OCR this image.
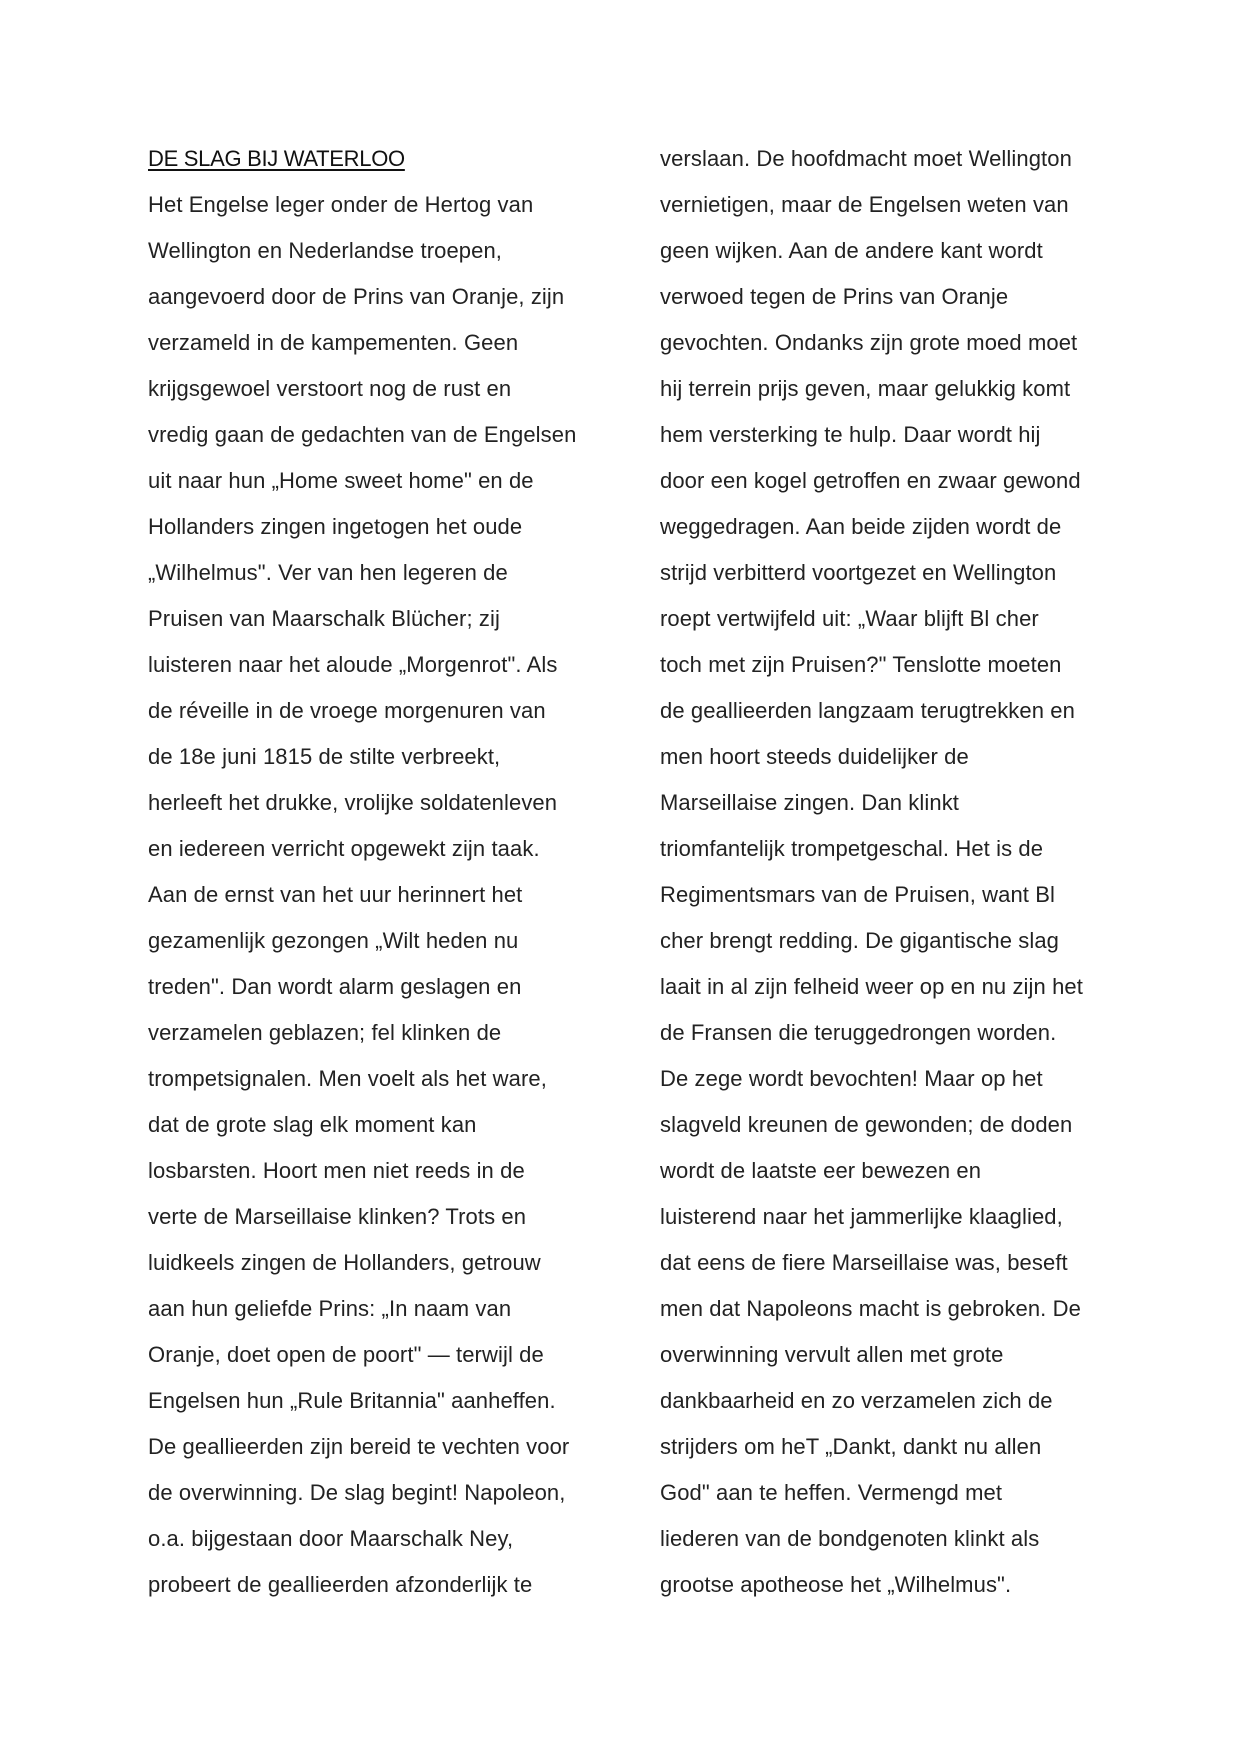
DE SLAG BIJ WATERLOO
Het Engelse leger onder de Hertog van
Wellington en Nederlandse troepen,
aangevoerd door de Prins van Oranje, zijn
verzameld in de kampementen. Geen
krijgsgewoel verstoort nog de rust en
vredig gaan de gedachten van de Engelsen
uit naar hun „Home sweet home" en de
Hollanders zingen ingetogen het oude
„Wilhelmus". Ver van hen legeren de
Pruisen van Maarschalk Blücher; zij
luisteren naar het aloude „Morgenrot". Als
de réveille in de vroege morgenuren van
de 18e juni 1815 de stilte verbreekt,
herleeft het drukke, vrolijke soldatenleven
en iedereen verricht opgewekt zijn taak.
Aan de ernst van het uur herinnert het
gezamenlijk gezongen „Wilt heden nu
treden". Dan wordt alarm geslagen en
verzamelen geblazen; fel klinken de
trompetsignalen. Men voelt als het ware,
dat de grote slag elk moment kan
losbarsten. Hoort men niet reeds in de
verte de Marseillaise klinken? Trots en
luidkeels zingen de Hollanders, getrouw
aan hun geliefde Prins: „In naam van
Oranje, doet open de poort" — terwijl de
Engelsen hun „Rule Britannia" aanheffen.
De geallieerden zijn bereid te vechten voor
de overwinning. De slag begint! Napoleon,
o.a. bijgestaan door Maarschalk Ney,
probeert de geallieerden afzonderlijk te
verslaan. De hoofdmacht moet Wellington
vernietigen, maar de Engelsen weten van
geen wijken. Aan de andere kant wordt
verwoed tegen de Prins van Oranje
gevochten. Ondanks zijn grote moed moet
hij terrein prijs geven, maar gelukkig komt
hem versterking te hulp. Daar wordt hij
door een kogel getroffen en zwaar gewond
weggedragen. Aan beide zijden wordt de
strijd verbitterd voortgezet en Wellington
roept vertwijfeld uit: „Waar blijft Bl cher
toch met zijn Pruisen?" Tenslotte moeten
de geallieerden langzaam terugtrekken en
men hoort steeds duidelijker de
Marseillaise zingen. Dan klinkt
triomfantelijk trompetgeschal. Het is de
Regimentsmars van de Pruisen, want Bl
cher brengt redding. De gigantische slag
laait in al zijn felheid weer op en nu zijn het
de Fransen die teruggedrongen worden.
De zege wordt bevochten! Maar op het
slagveld kreunen de gewonden; de doden
wordt de laatste eer bewezen en
luisterend naar het jammerlijke klaaglied,
dat eens de fiere Marseillaise was, beseft
men dat Napoleons macht is gebroken. De
overwinning vervult allen met grote
dankbaarheid en zo verzamelen zich de
strijders om heT „Dankt, dankt nu allen
God" aan te heffen. Vermengd met
liederen van de bondgenoten klinkt als
grootse apotheose het „Wilhelmus".
